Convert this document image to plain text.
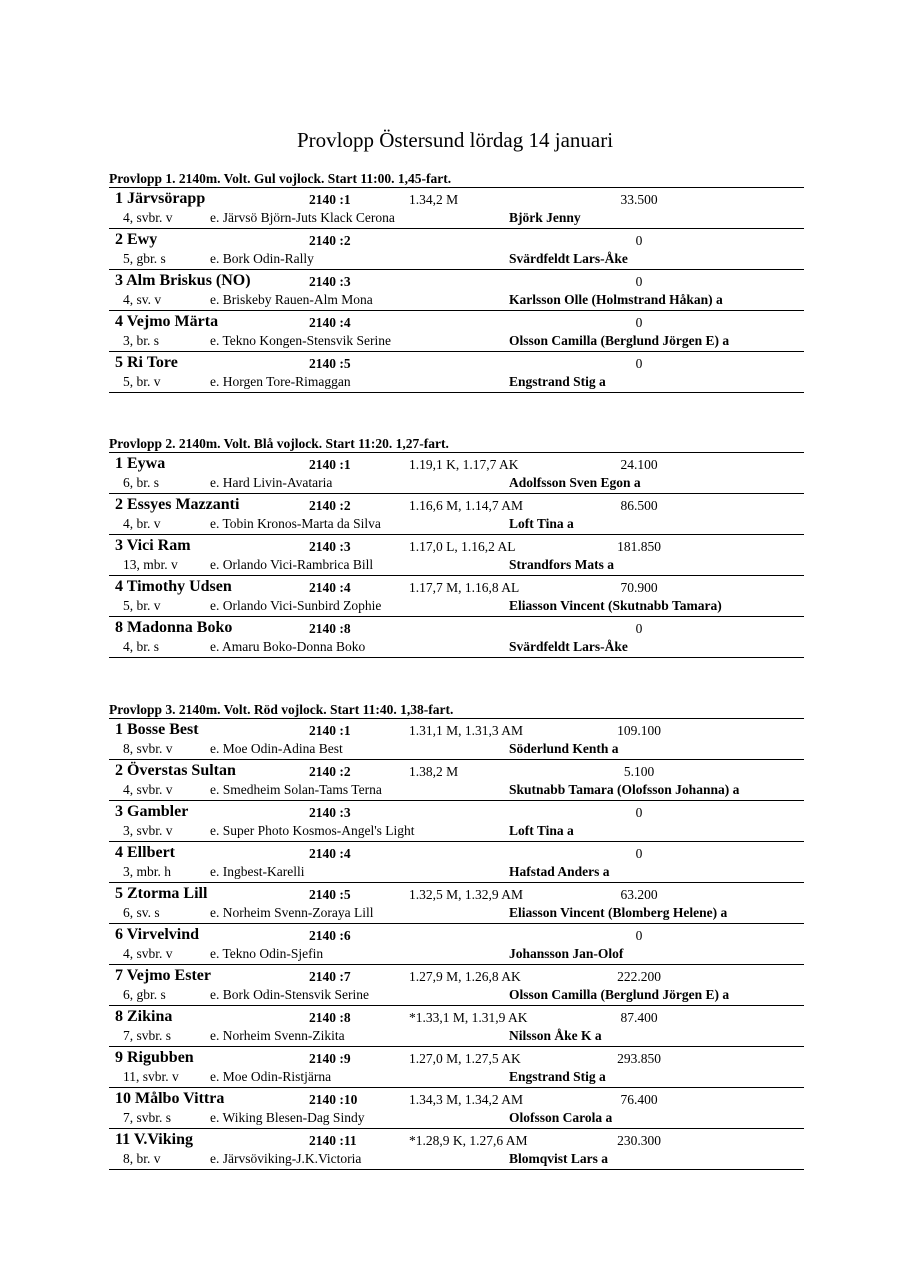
Provlopp Östersund lördag 14 januari
Provlopp 1. 2140m. Volt. Gul vojlock. Start 11:00. 1,45-fart.
1 Järvsörapp	2140 :1	1.34,2 M	33.500
4, svbr. v	e. Järvsö Björn-Juts Klack Cerona	Björk Jenny
2 Ewy	2140 :2	0
5, gbr. s	e. Bork Odin-Rally	Svärdfeldt Lars-Åke
3 Alm Briskus (NO)	2140 :3	0
4, sv. v	e. Briskeby Rauen-Alm Mona	Karlsson Olle (Holmstrand Håkan) a
4 Vejmo Märta	2140 :4	0
3, br. s	e. Tekno Kongen-Stensvik Serine	Olsson Camilla (Berglund Jörgen E) a
5 Ri Tore	2140 :5	0
5, br. v	e. Horgen Tore-Rimaggan	Engstrand Stig a
Provlopp 2. 2140m. Volt. Blå vojlock. Start 11:20. 1,27-fart.
1 Eywa	2140 :1	1.19,1 K, 1.17,7 AK	24.100
6, br. s	e. Hard Livin-Avataria	Adolfsson Sven Egon a
2 Essyes Mazzanti	2140 :2	1.16,6 M, 1.14,7 AM	86.500
4, br. v	e. Tobin Kronos-Marta da Silva	Loft Tina a
3 Vici Ram	2140 :3	1.17,0 L, 1.16,2 AL	181.850
13, mbr. v e. Orlando Vici-Rambrica Bill	Strandfors Mats a
4 Timothy Udsen	2140 :4	1.17,7 M, 1.16,8 AL	70.900
5, br. v	e. Orlando Vici-Sunbird Zophie	Eliasson Vincent (Skutnabb Tamara)
8 Madonna Boko	2140 :8	0
4, br. s	e. Amaru Boko-Donna Boko	Svärdfeldt Lars-Åke
Provlopp 3. 2140m. Volt. Röd vojlock. Start 11:40. 1,38-fart.
1 Bosse Best	2140 :1	1.31,1 M, 1.31,3 AM	109.100
8, svbr. v	e. Moe Odin-Adina Best	Söderlund Kenth a
2 Överstas Sultan	2140 :2	1.38,2 M	5.100
4, svbr. v	e. Smedheim Solan-Tams Terna	Skutnabb Tamara (Olofsson Johanna) a
3 Gambler	2140 :3	0
3, svbr. v	e. Super Photo Kosmos-Angel's Light	Loft Tina a
4 Ellbert	2140 :4	0
3, mbr. h	e. Ingbest-Karelli	Hafstad Anders a
5 Ztorma Lill	2140 :5	1.32,5 M, 1.32,9 AM	63.200
6, sv. s	e. Norheim Svenn-Zoraya Lill	Eliasson Vincent (Blomberg Helene) a
6 Virvelvind	2140 :6	0
4, svbr. v	e. Tekno Odin-Sjefin	Johansson Jan-Olof
7 Vejmo Ester	2140 :7	1.27,9 M, 1.26,8 AK	222.200
6, gbr. s	e. Bork Odin-Stensvik Serine	Olsson Camilla (Berglund Jörgen E) a
8 Zikina	2140 :8	*1.33,1 M, 1.31,9 AK	87.400
7, svbr. s	e. Norheim Svenn-Zikita	Nilsson Åke K a
9 Rigubben	2140 :9	1.27,0 M, 1.27,5 AK	293.850
11, svbr. v e. Moe Odin-Ristjärna	Engstrand Stig a
10 Målbo Vittra	2140 :10	1.34,3 M, 1.34,2 AM	76.400
7, svbr. s	e. Wiking Blesen-Dag Sindy	Olofsson Carola a
11 V.Viking	2140 :11	*1.28,9 K, 1.27,6 AM	230.300
8, br. v	e. Järvsöviking-J.K.Victoria	Blomqvist Lars a
